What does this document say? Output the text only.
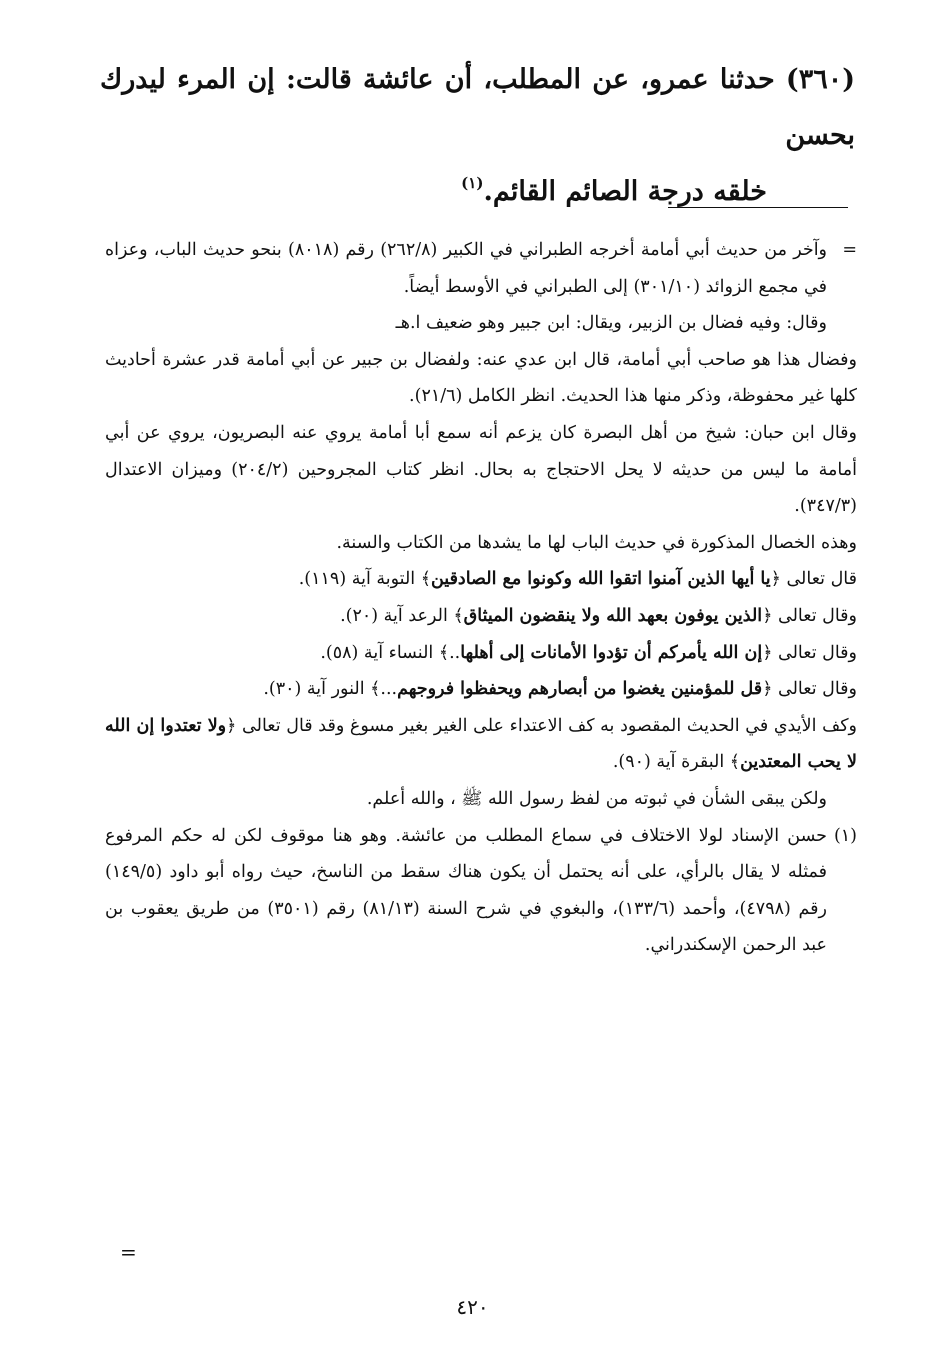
(٣٦٠) حدثنا عمرو، عن المطلب، أن عائشة قالت: إن المرء ليدرك بحسن
خلقه درجة الصائم القائم.$^{(١)}$

=
وآخر من حديث أبي أمامة أخرجه الطبراني في الكبير (٢٦٢/٨) رقم (٨٠١٨) بنحو حديث الباب، وعزاه في مجمع الزوائد (٣٠١/١٠) إلى الطبراني في الأوسط أيضاً.

وقال: وفيه فضال بن الزبير، ويقال: ابن جبير وهو ضعيف ا.هـ

وفضال هذا هو صاحب أبي أمامة، قال ابن عدي عنه: ولفضال بن جبير عن أبي أمامة قدر عشرة أحاديث كلها غير محفوظة، وذكر منها هذا الحديث. انظر الكامل (٢١/٦).

وقال ابن حبان: شيخ من أهل البصرة كان يزعم أنه سمع أبا أمامة يروي عنه البصريون، يروي عن أبي أمامة ما ليس من حديثه لا يحل الاحتجاج به بحال. انظر كتاب المجروحين (٢٠٤/٢) وميزان الاعتدال (٣٤٧/٣).

وهذه الخصال المذكورة في حديث الباب لها ما يشدها من الكتاب والسنة.

قال تعالى ﴿يا أيها الذين آمنوا اتقوا الله وكونوا مع الصادقين﴾ التوبة آية (١١٩).

وقال تعالى ﴿الذين يوفون بعهد الله ولا ينقضون الميثاق﴾ الرعد آية (٢٠).

وقال تعالى ﴿إن الله يأمركم أن تؤدوا الأمانات إلى أهلها..﴾ النساء آية (٥٨).

وقال تعالى ﴿قل للمؤمنين يغضوا من أبصارهم ويحفظوا فروجهم...﴾ النور آية (٣٠).

وكف الأيدي في الحديث المقصود به كف الاعتداء على الغير بغير مسوغ وقد قال تعالى ﴿ولا تعتدوا إن الله لا يحب المعتدين﴾ البقرة آية (٩٠).

ولكن يبقى الشأن في ثبوته من لفظ رسول الله ﷺ ، والله أعلم.

(١)
حسن الإسناد لولا الاختلاف في سماع المطلب من عائشة. وهو هنا موقوف لكن له حكم المرفوع فمثله لا يقال بالرأي، على أنه يحتمل أن يكون هناك سقط من الناسخ، حيث رواه أبو داود (١٤٩/٥) رقم (٤٧٩٨)، وأحمد (١٣٣/٦)، والبغوي في شرح السنة (٨١/١٣) رقم (٣٥٠١) من طريق يعقوب بن عبد الرحمن الإسكندراني.

=
٤٢٠
